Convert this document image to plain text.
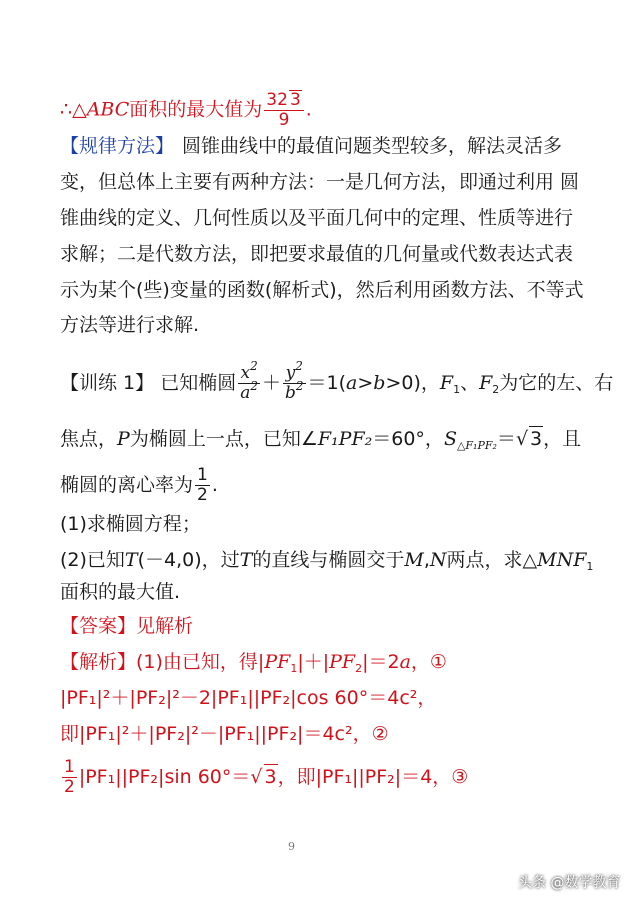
∴△ABC面积的最大值为 $\frac{32 3}{9}$ .
【规律方法】 圆锥曲线中的最值问题类型较多，解法灵活多
变，但总体上主要有两种方法：一是几何方法，即通过利用 圆
锥曲线的定义、几何性质以及平面几何中的定理、性质等进行
求解；二是代数方法，即把要求最值的几何量或代数表达式表
示为某个(些)变量的函数(解析式)，然后利用函数方法、不等式
方法等进行求解.
【训练 1】 已知椭圆 $\frac{x^2}{a^2} + \frac{y^2}{b^2} =1(a>b>0)$，$F_1$、$F_2$为它的左、右
焦点，P为椭圆上一点，已知∠F₁PF₂＝60°，$S_{\triangle F_1PF_2}=√$ 3，且
椭圆的离心率为 $\frac{1}{2}$ .
(1)求椭圆方程；
(2)已知T(－4,0)，过T的直线与椭圆交于M,N两点，求$\triangle MNF_1$
面积的最大值.
【答案】见解析
【解析】(1)由已知，得$|PF_1|+|PF_2|=2a$，①
|PF₁|²＋|PF₂|²－2|PF₁||PF₂|cos 60°＝4c²，
即|PF₁|²＋|PF₂|²－|PF₁||PF₂|＝4c²，②
$\frac{1}{2} |PF_1||PF_2|\sin$ 60°＝√ 3，即|PF₁||PF₂|＝4，③
9
头条 @数学教育
